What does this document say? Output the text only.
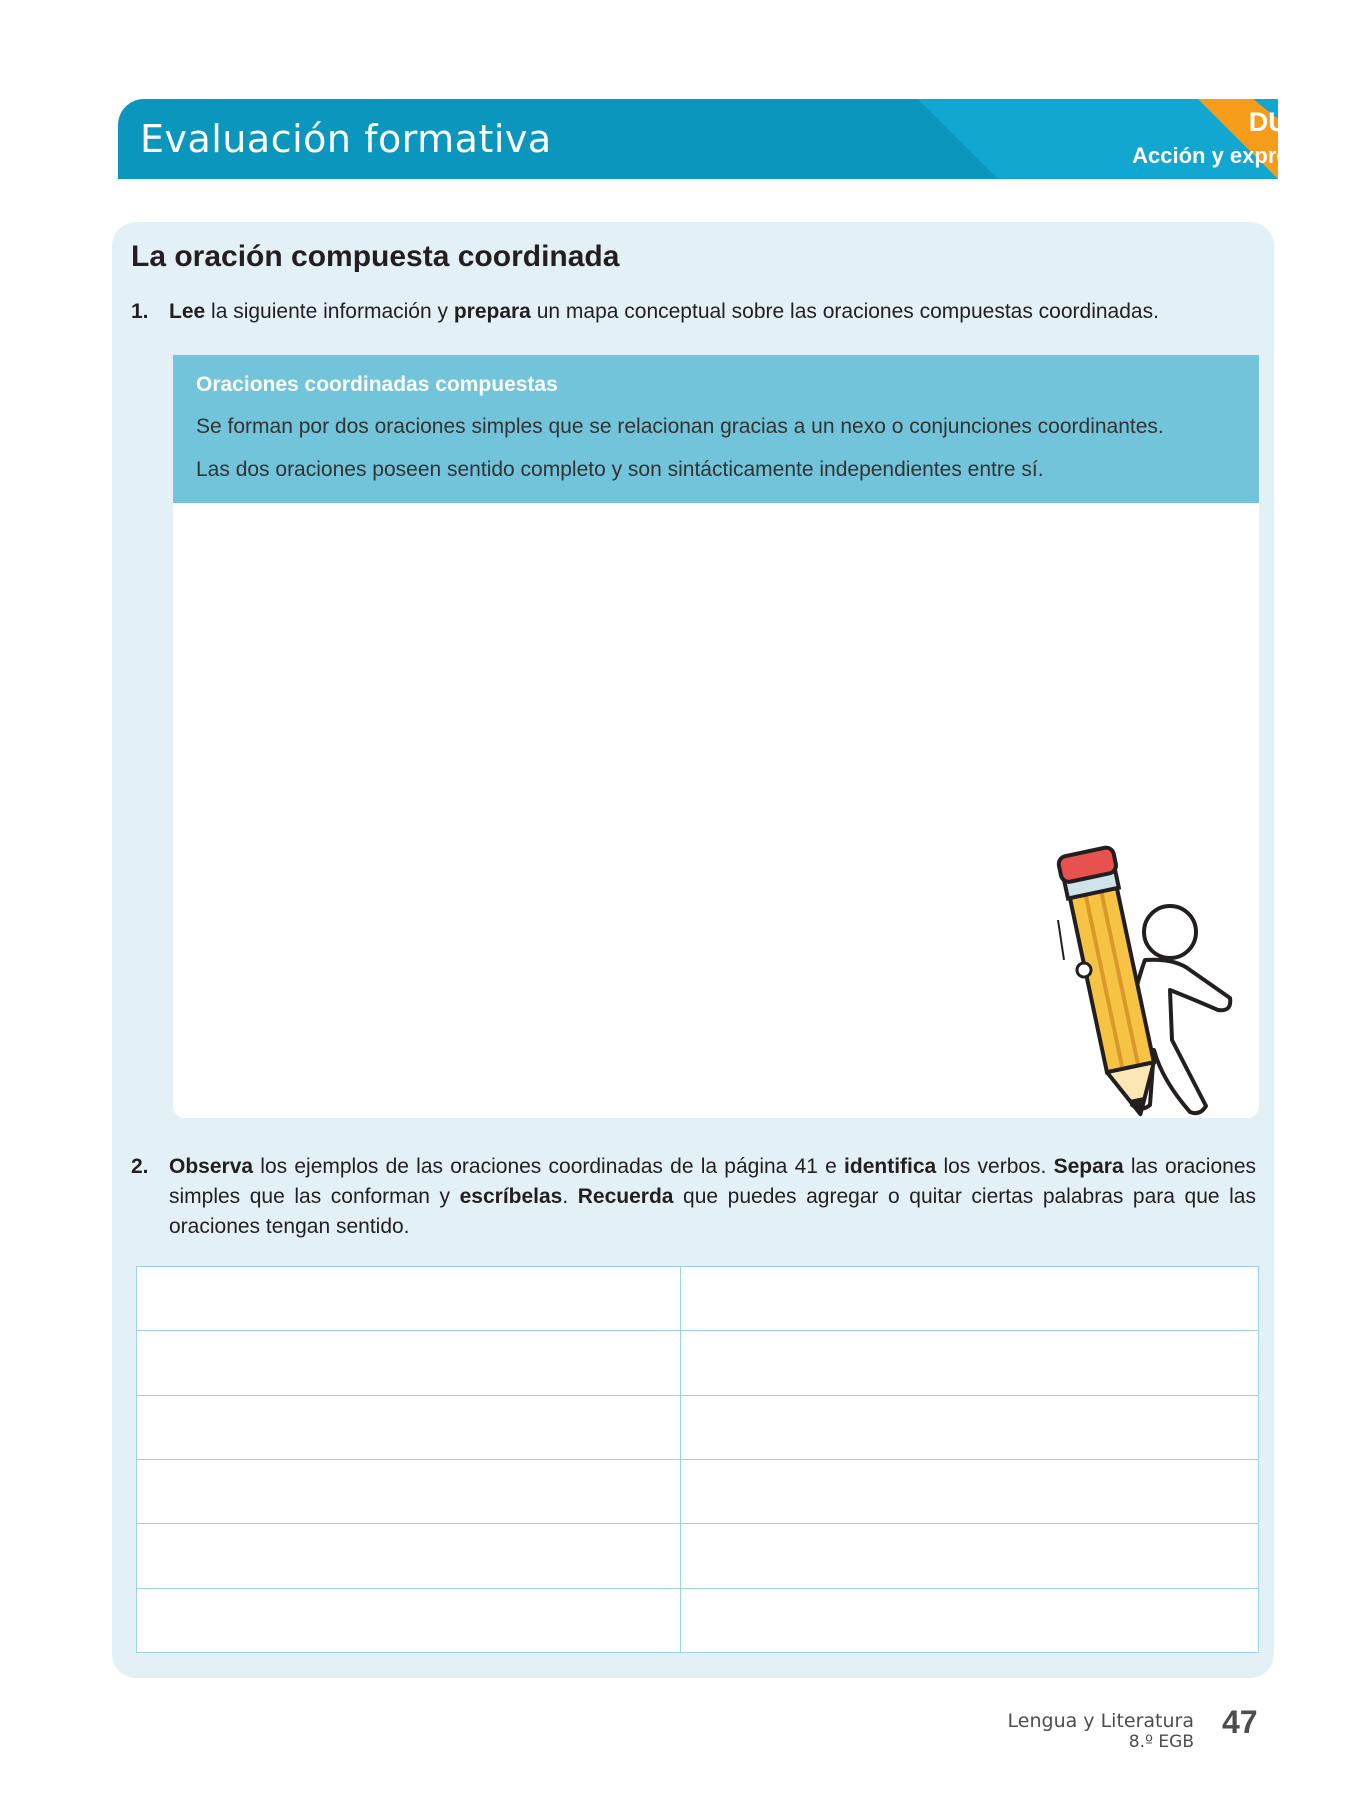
Evaluación formativa	DUA
Acción y expresión
La oración compuesta coordinada
1. Lee la siguiente información y prepara un mapa conceptual sobre las oraciones compuestas coordinadas.
Oraciones coordinadas compuestas
Se forman por dos oraciones simples que se relacionan gracias a un nexo o conjunciones coordinantes.
Las dos oraciones poseen sentido completo y son sintácticamente independientes entre sí.
2. Observa los ejemplos de las oraciones coordinadas de la página 41 e identifica los verbos. Separa las oraciones simples que las conforman y escríbelas. Recuerda que puedes agregar o quitar ciertas palabras para que las oraciones tengan sentido.

Lengua y Literatura
8.º EGB
47
